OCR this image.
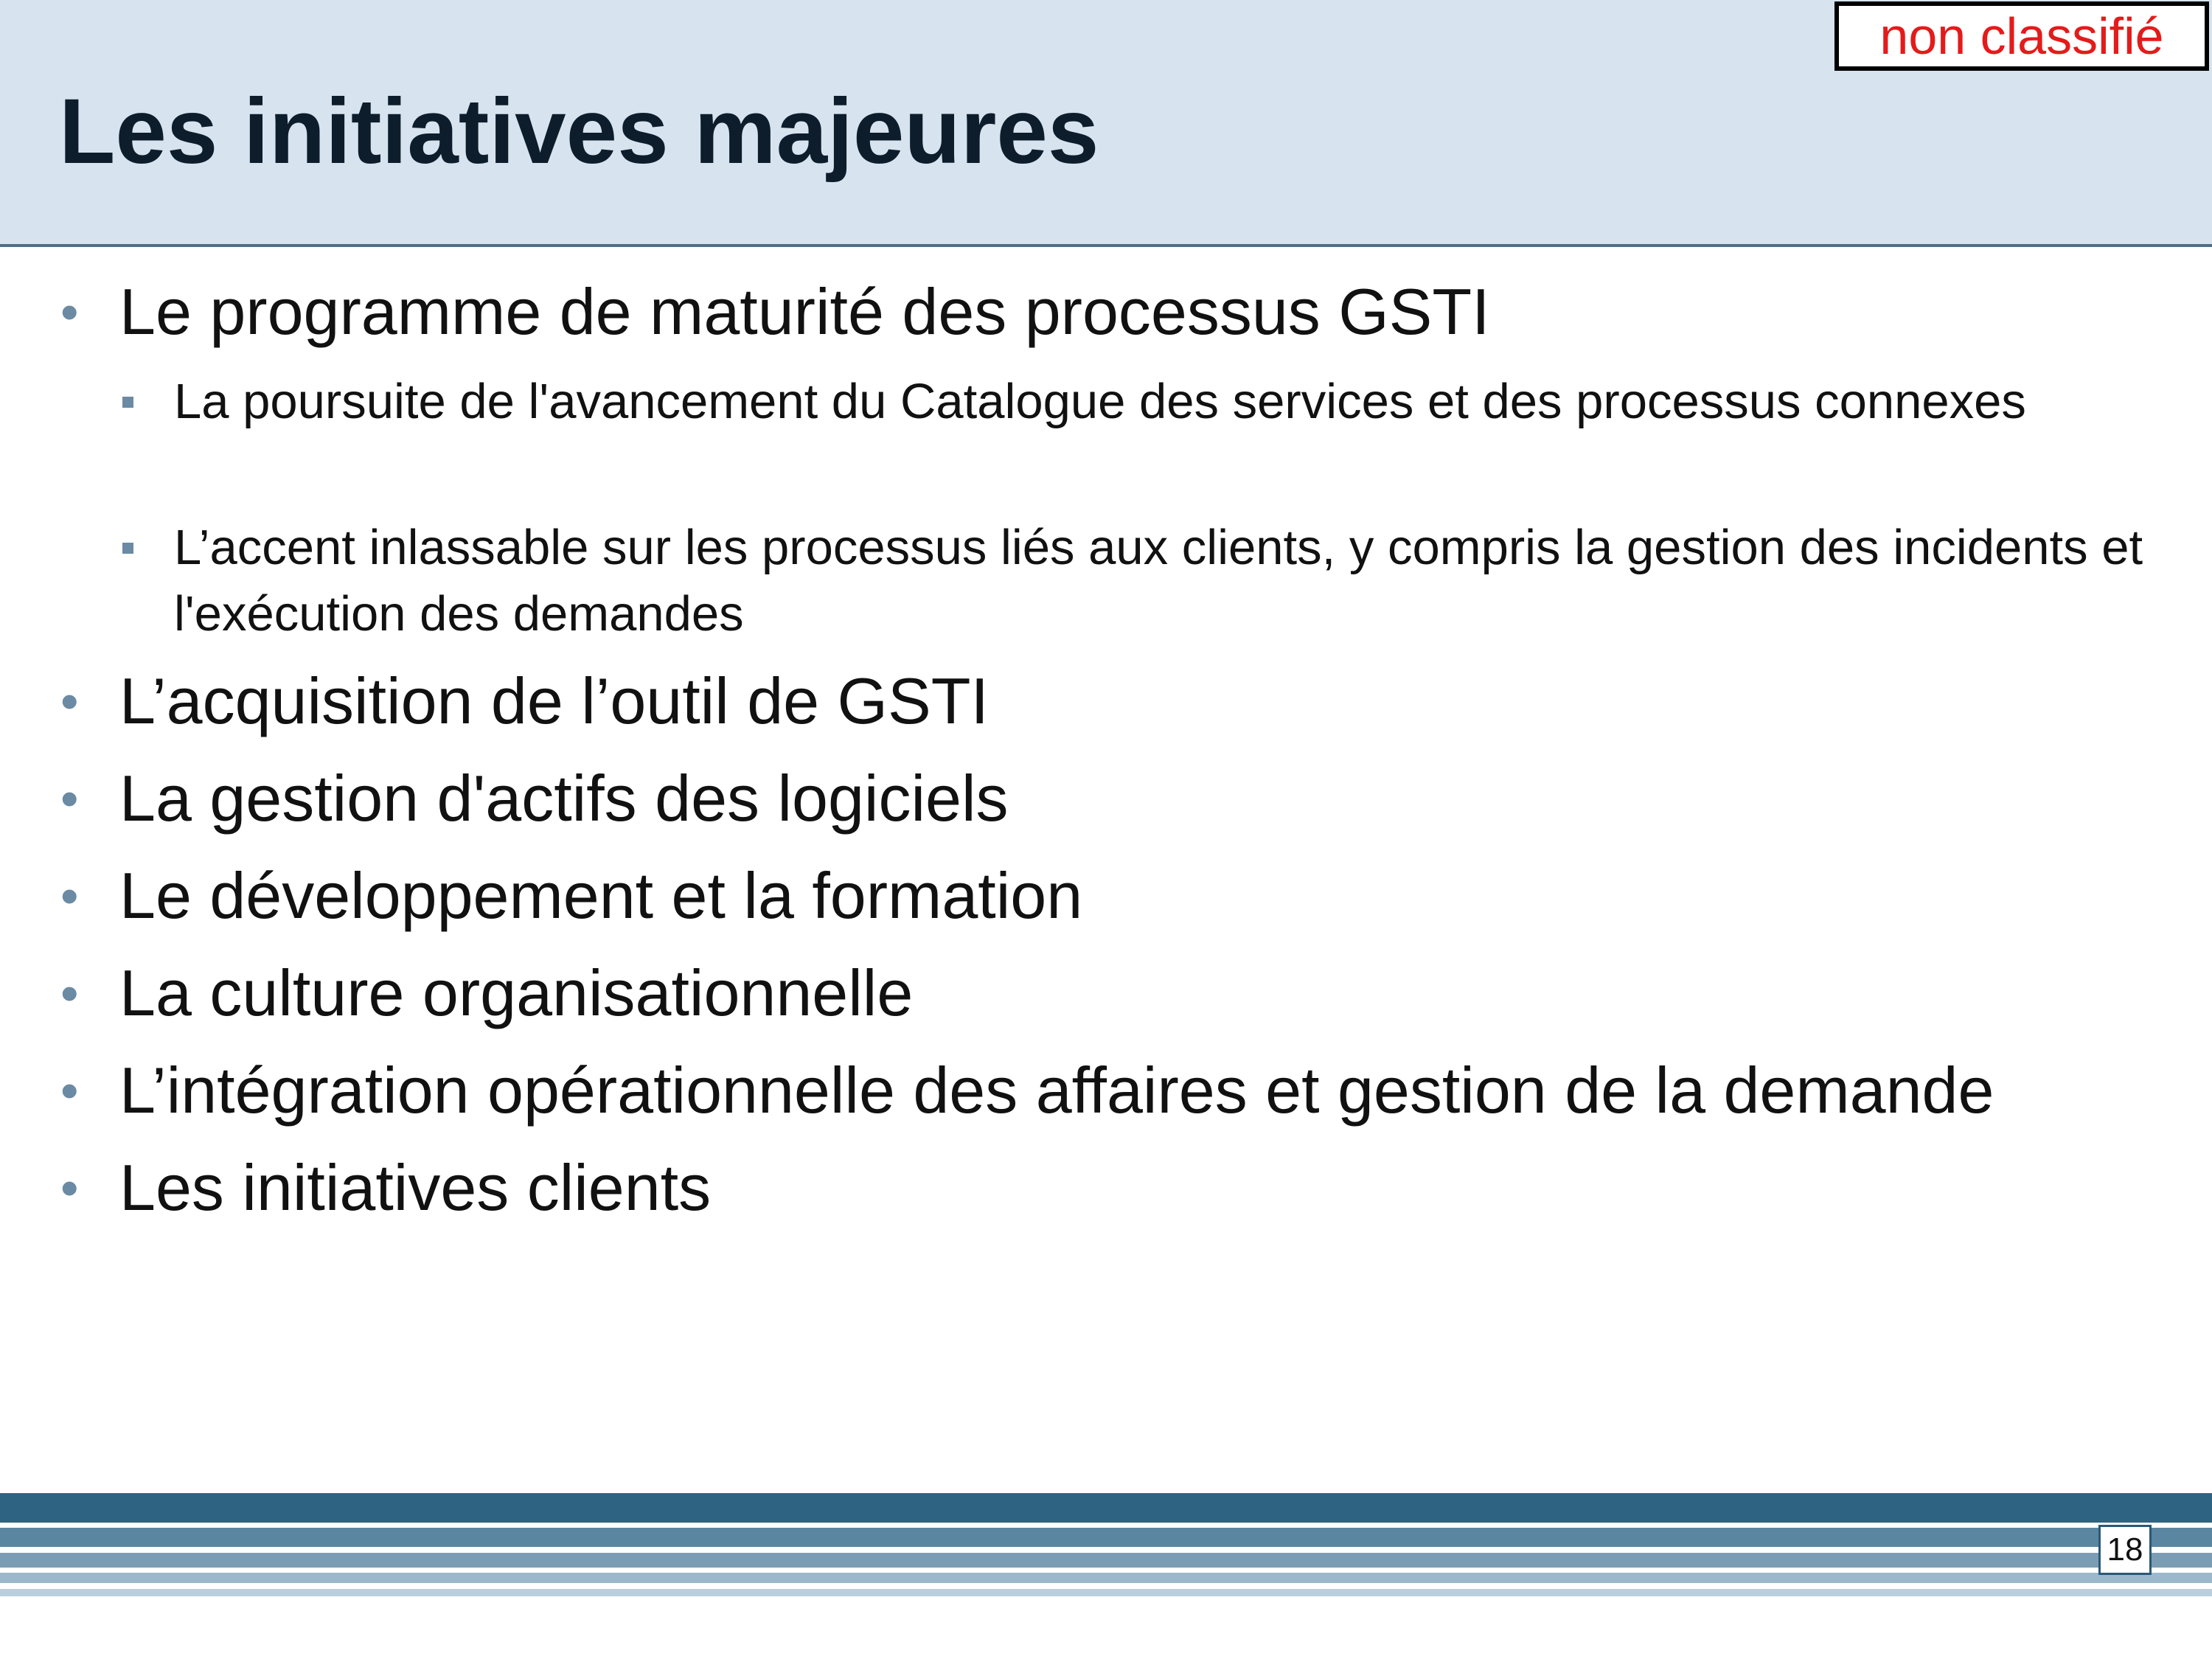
Les initiatives majeures
non classifié
• Le programme de maturité des processus GSTI
La poursuite de l'avancement du Catalogue des services et des processus connexes
L’accent inlassable sur les processus liés aux clients, y compris la gestion des incidents et l'exécution des demandes
• L’acquisition de l’outil de GSTI
• La gestion d'actifs des logiciels
• Le développement et la formation
• La culture organisationnelle
• L’intégration opérationnelle des affaires et gestion de la demande
• Les initiatives clients
18
